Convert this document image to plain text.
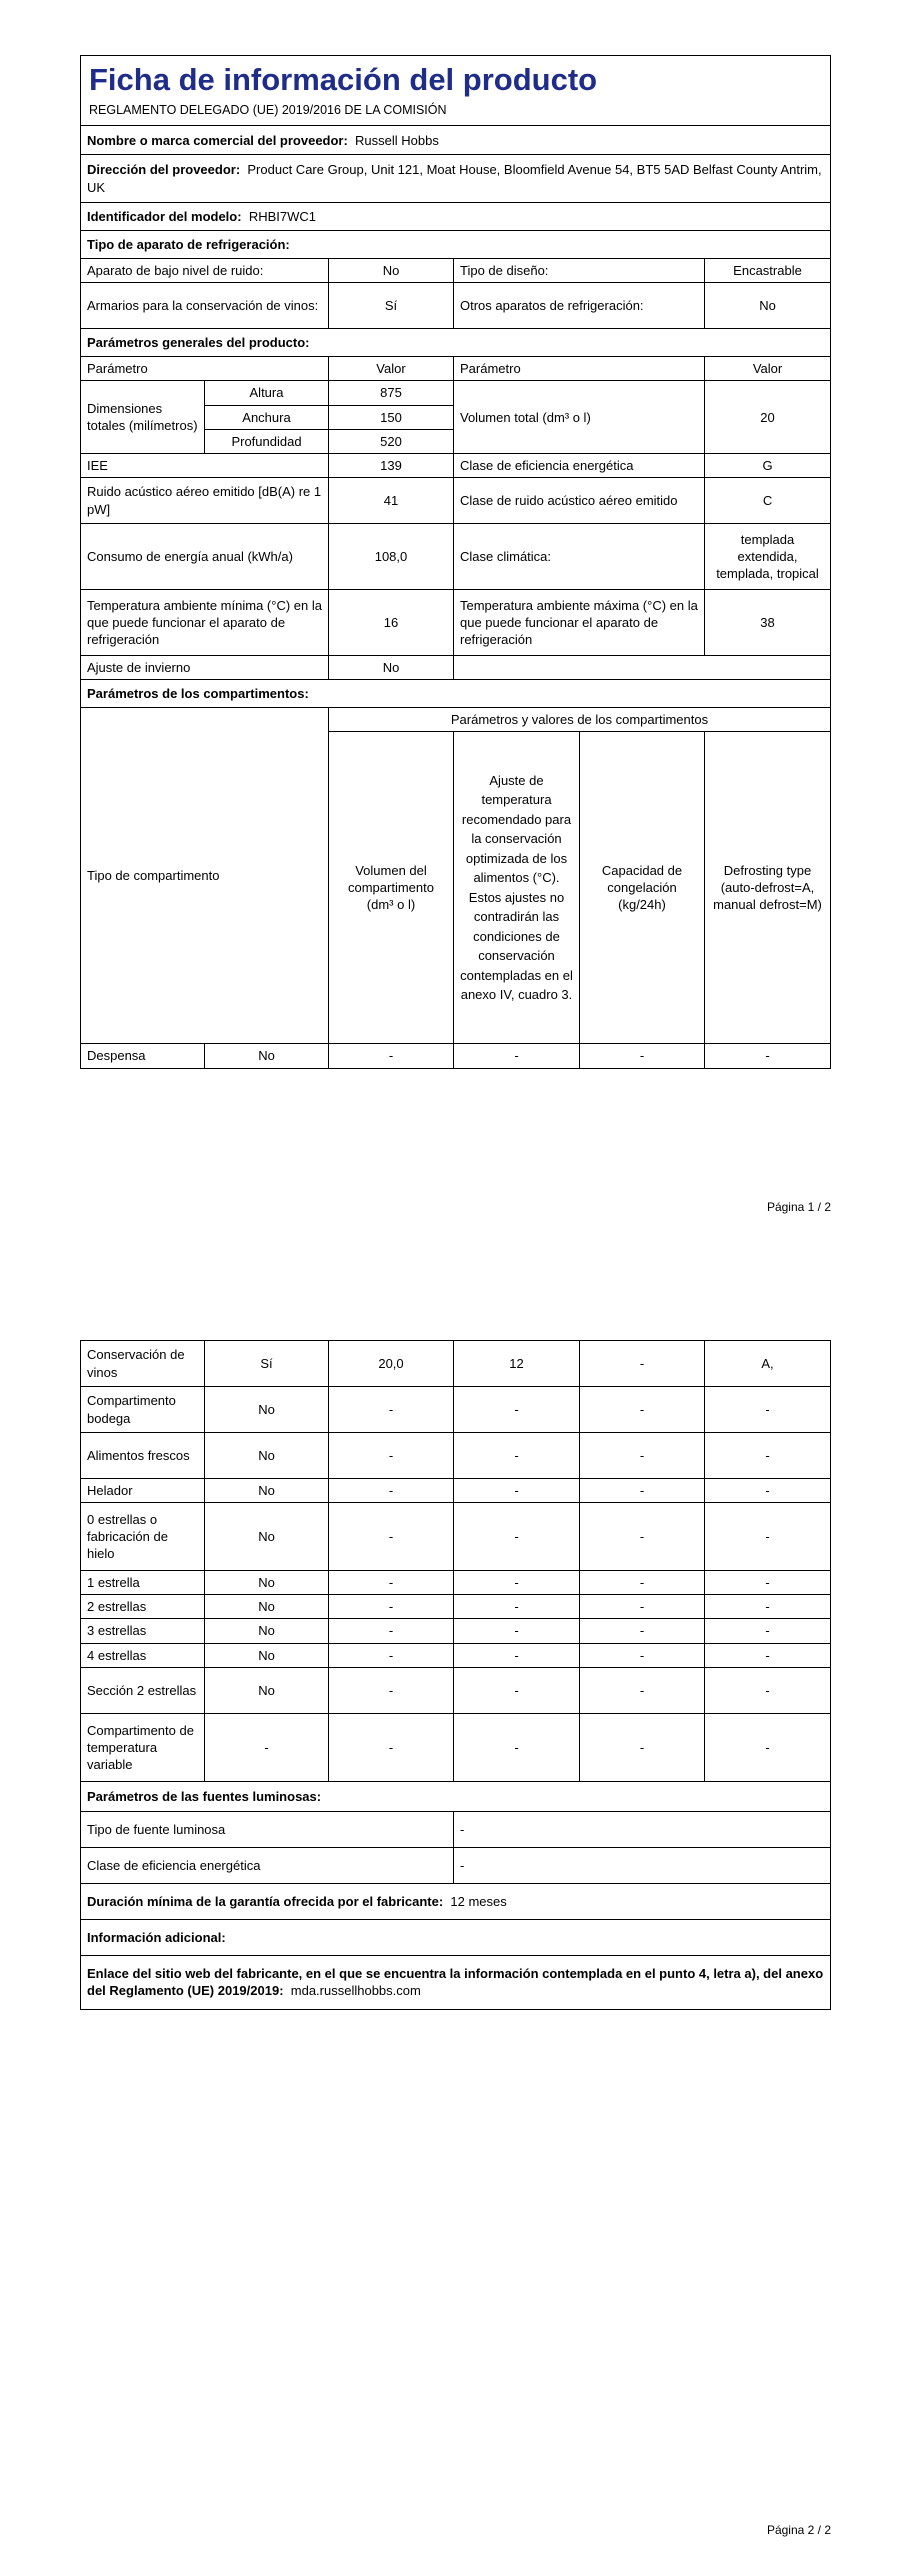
Ficha de información del producto
REGLAMENTO DELEGADO (UE) 2019/2016 DE LA COMISIÓN					

Nombre o marca comercial del proveedor: Russell Hobbs					
Dirección del proveedor: Product Care Group, Unit 121, Moat House, Bloomfield Avenue 54, BT5 5AD Belfast County Antrim, UK					
Identificador del modelo: RHBI7WC1					
Tipo de aparato de refrigeración:					
Aparato de bajo nivel de ruido:		No	Tipo de diseño:		Encastrable
Armarios para la conservación de vinos:		Sí	Otros aparatos de refrigeración:		No
Parámetros generales del producto:					
Parámetro		Valor	Parámetro		Valor
Dimensiones totales (milímetros)	Altura	875	Volumen total (dm³ o l)		20
	Anchura	150			
	Profundidad	520			
IEE		139	Clase de eficiencia energética		G
Ruido acústico aéreo emitido [dB(A) re 1 pW]		41	Clase de ruido acústico aéreo emitido		C
Consumo de energía anual (kWh/a)		108,0	Clase climática:		templada extendida, templada, tropical
Temperatura ambiente mínima (°C) en la que puede funcionar el aparato de refrigeración		16	Temperatura ambiente máxima (°C) en la que puede funcionar el aparato de refrigeración		38
Ajuste de invierno		No			
Parámetros de los compartimentos:					
Tipo de compartimento		Parámetros y valores de los compartimentos			
		Volumen del compartimento (dm³ o l)	Ajuste de temperatura recomendado para la conservación optimizada de los alimentos (°C). Estos ajustes no contradirán las condiciones de conservación contempladas en el anexo IV, cuadro 3.	Capacidad de congelación (kg/24h)	Defrosting type (auto-defrost=A, manual defrost=M)
Despensa	No	-	-	-	-
Página 1 / 2
Conservación de vinos	Sí	20,0	12	-	A,
Compartimento bodega	No	-	-	-	-
Alimentos frescos	No	-	-	-	-
Helador	No	-	-	-	-
0 estrellas o fabricación de hielo	No	-	-	-	-
1 estrella	No	-	-	-	-
2 estrellas	No	-	-	-	-
3 estrellas	No	-	-	-	-
4 estrellas	No	-	-	-	-
Sección 2 estrellas	No	-	-	-	-
Compartimento de temperatura variable	-	-	-	-	-
Parámetros de las fuentes luminosas:					
Tipo de fuente luminosa			-		
Clase de eficiencia energética			-		
Duración mínima de la garantía ofrecida por el fabricante: 12 meses					
Información adicional:					
Enlace del sitio web del fabricante, en el que se encuentra la información contemplada en el punto 4, letra a), del anexo del Reglamento (UE) 2019/2019: mda.russellhobbs.com					
Página 2 / 2
